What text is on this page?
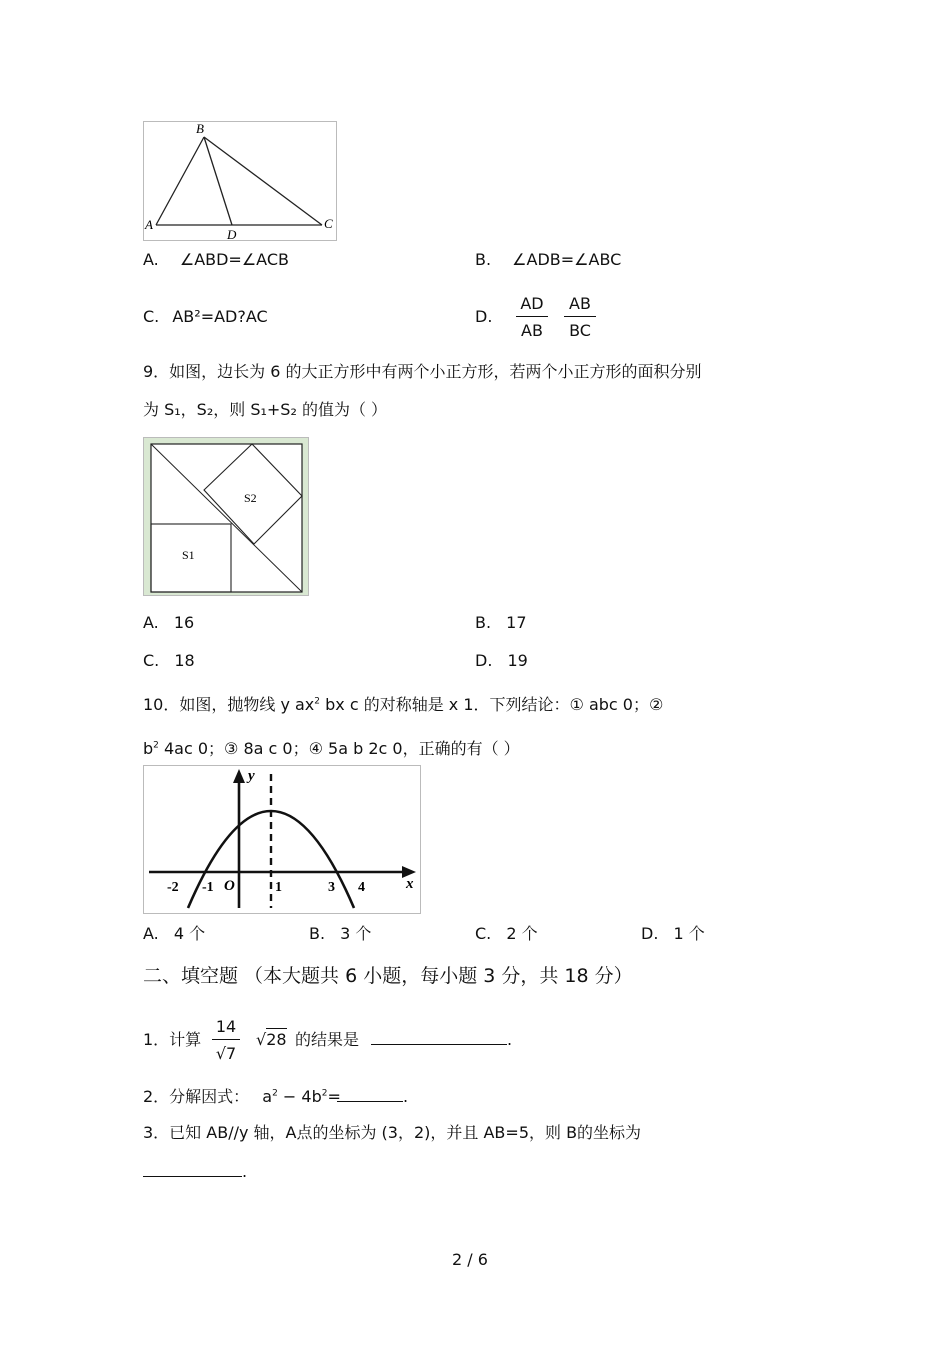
B
A
D
C
A. ∠ABD=∠ACB	B. ∠ADB=∠ABC
C. AB²=AD?AC	D. $\frac{AD}{AB} \frac{AB}{BC}$
9．如图，边长为 6 的大正方形中有两个小正方形，若两个小正方形的面积分别
为 S₁，S₂，则 S₁+S₂ 的值为（ ）
S1
S2
A. 16	B. 17
C. 18	D. 19
10．如图，抛物线 y $ax^2$ bx c 的对称轴是 x 1．下列结论：① abc 0；②
$b^2$ 4ac 0；③ 8a c 0；④ 5a b 2c 0，正确的有（ ）
y
x
O
-2 -1	1	3 4
A. 4 个	B. 3 个	C. 2 个	D. 1 个
二、填空题 （本大题共 6 小题，每小题 3 分，共 18 分）
1．计算 $\frac{14}{√7} √28$ 的结果是	.
2．分解因式： $a^2 - 4b^2=$	.
3．已知 AB//y 轴，A点的坐标为 (3，2)，并且 AB=5，则 B的坐标为
.
2 / 6
